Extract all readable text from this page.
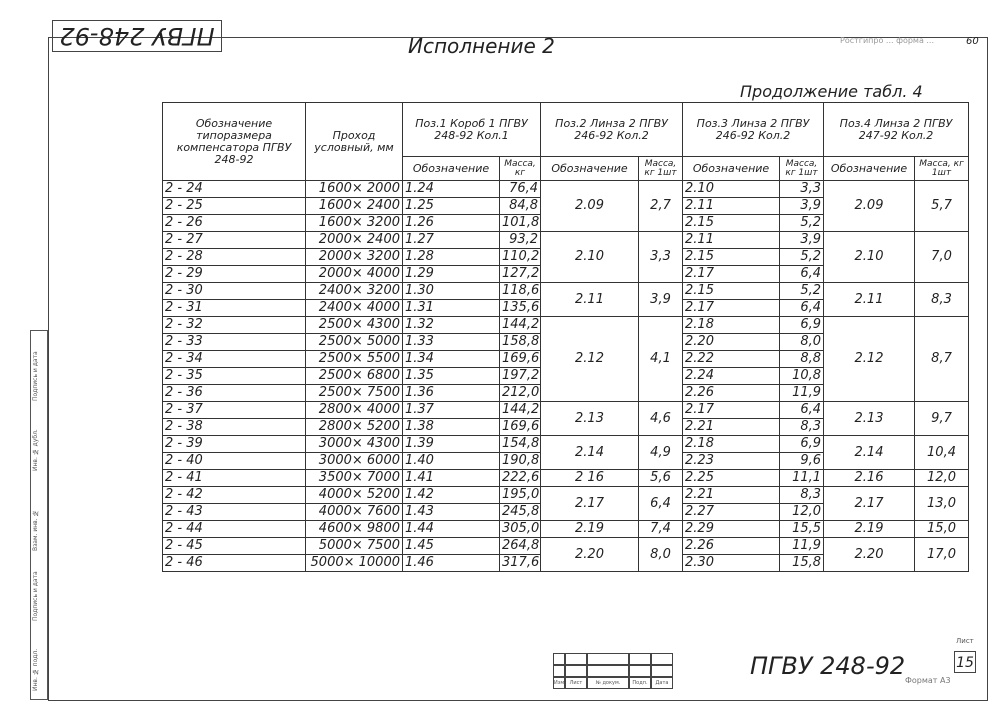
Инв. № подл.
Подпись и дата
Взам. инв. №
Инв. № дубл.
Подпись и дата
ПГВУ 248-92	Исполнение 2
Продолжение табл. 4
Ростгипро ... форма ...	60
Обозначение типоразмера компенсатора ПГВУ 248-92	Проход условный, мм	Поз.1 Короб 1 ПГВУ 248-92 Кол.1		Поз.2 Линза 2 ПГВУ 246-92 Кол.2		Поз.3 Линза 2 ПГВУ 246-92 Кол.2		Поз.4 Линза 2 ПГВУ 247-92 Кол.2	
		Обозначение	Масса, кг	Обозначение	Масса, кг 1шт	Обозначение	Масса, кг 1шт	Обозначение	Масса, кг 1шт
2 - 24	1600× 2000	1.24	76,4	2.09	2,7	2.10	3,3	2.09	5,7
2 - 25	1600× 2400	1.25	84,8			2.11	3,9		
2 - 26	1600× 3200	1.26	101,8			2.15	5,2		
2 - 27	2000× 2400	1.27	93,2	2.10	3,3	2.11	3,9	2.10	7,0
2 - 28	2000× 3200	1.28	110,2			2.15	5,2		
2 - 29	2000× 4000	1.29	127,2			2.17	6,4		
2 - 30	2400× 3200	1.30	118,6	2.11	3,9	2.15	5,2	2.11	8,3
2 - 31	2400× 4000	1.31	135,6			2.17	6,4		
2 - 32	2500× 4300	1.32	144,2	2.12	4,1	2.18	6,9	2.12	8,7
2 - 33	2500× 5000	1.33	158,8			2.20	8,0		
2 - 34	2500× 5500	1.34	169,6			2.22	8,8		
2 - 35	2500× 6800	1.35	197,2			2.24	10,8		
2 - 36	2500× 7500	1.36	212,0			2.26	11,9		
2 - 37	2800× 4000	1.37	144,2	2.13	4,6	2.17	6,4	2.13	9,7
2 - 38	2800× 5200	1.38	169,6			2.21	8,3		
2 - 39	3000× 4300	1.39	154,8	2.14	4,9	2.18	6,9	2.14	10,4
2 - 40	3000× 6000	1.40	190,8			2.23	9,6		
2 - 41	3500× 7000	1.41	222,6	2 16	5,6	2.25	11,1	2.16	12,0
2 - 42	4000× 5200	1.42	195,0	2.17	6,4	2.21	8,3	2.17	13,0
2 - 43	4000× 7600	1.43	245,8			2.27	12,0		
2 - 44	4600× 9800	1.44	305,0	2.19	7,4	2.29	15,5	2.19	15,0
2 - 45	5000× 7500	1.45	264,8	2.20	8,0	2.26	11,9	2.20	17,0
2 - 46	5000× 10000	1.46	317,6			2.30	15,8		
Изм. Лист	№ докум.	Подп.	Дата
ПГВУ 248-92
Лист
15
Формат А3
